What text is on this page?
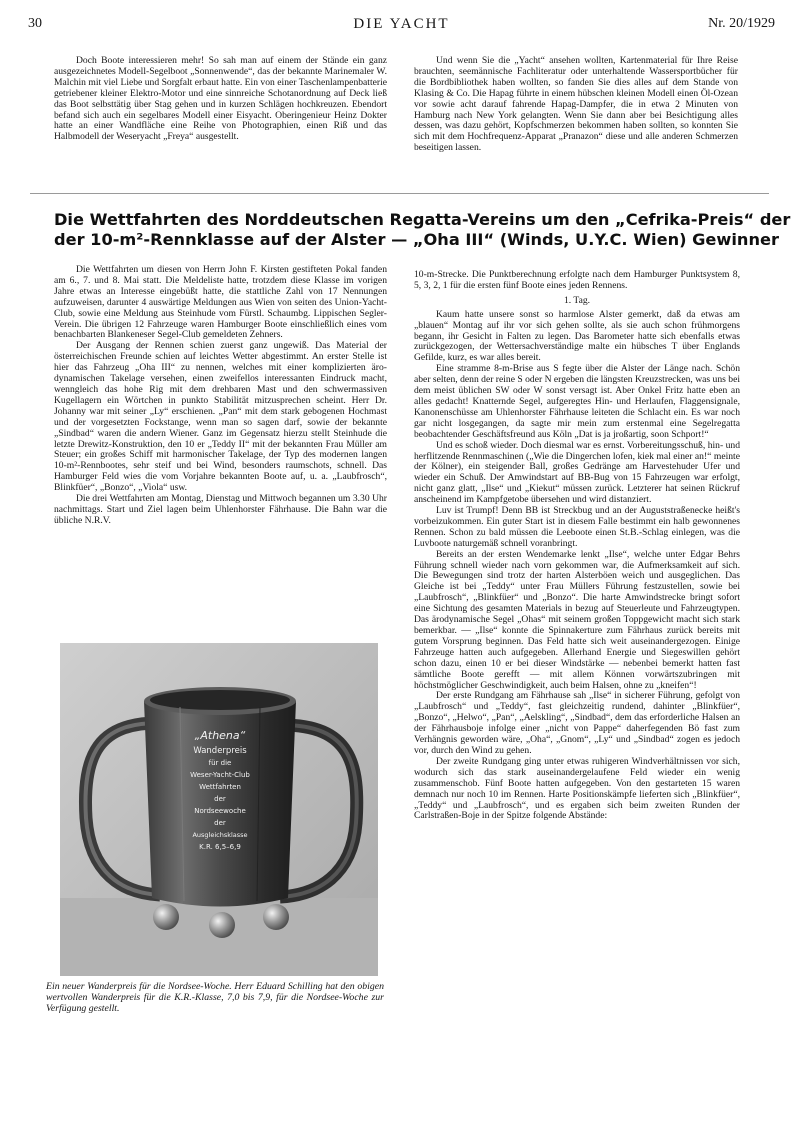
30	DIE YACHT	Nr. 20/1929

Doch Boote interessieren mehr! So sah man auf einem der Stände ein ganz ausgezeichnetes Modell-Segelboot „Sonnenwende“, das der bekannte Marinemaler W. Malchin mit viel Liebe und Sorgfalt erbaut hatte. Ein von einer Taschenlampenbatterie getriebener kleiner Elektro-Motor und eine sinnreiche Schotanordnung auf Deck ließ das Boot selbsttätig über Stag gehen und in kurzen Schlägen hochkreuzen. Ebendort befand sich auch ein segelbares Modell einer Eisyacht. Oberingenieur Heinz Dokter hatte an einer Wandfläche eine Reihe von Photographien, einen Riß und das Halbmodell der Weseryacht „Freya“ ausgestellt.

Und wenn Sie die „Yacht“ ansehen wollten, Kartenmaterial für Ihre Reise brauchten, seemännische Fachliteratur oder unterhaltende Wassersportbücher für die Bordbibliothek haben wollten, so fanden Sie dies alles auf dem Stande von Klasing & Co. Die Hapag führte in einem hübschen kleinen Modell einen Öl-Ozean vor sowie acht darauf fahrende Hapag-Dampfer, die in etwa 2 Minuten von Hamburg nach New York gelangten. Wenn Sie dann aber bei Besichtigung alles dessen, was dazu gehört, Kopfschmerzen bekommen haben sollten, so konnten Sie sich mit dem Hochfrequenz-Apparat „Pranazon“ diese und alle anderen Schmerzen beseitigen lassen.

Die Wettfahrten des Norddeutschen Regatta-Vereins um den „Cefrika-Preis“ der
der 10-m²-Rennklasse auf der Alster — „Oha III“ (Winds, U.Y.C. Wien) Gewinner

Die Wettfahrten um diesen von Herrn John F. Kirsten gestifteten Pokal fanden am 6., 7. und 8. Mai statt. Die Meldeliste hatte, trotzdem diese Klasse im vorigen Jahre etwas an Interesse eingebüßt hatte, die stattliche Zahl von 17 Nennungen aufzuweisen, darunter 4 auswärtige Meldungen aus Wien von seiten des Union-Yacht-Club, sowie eine Meldung aus Steinhude vom Fürstl. Schaumbg. Lippischen Segler-Verein. Die übrigen 12 Fahrzeuge waren Hamburger Boote einschließlich eines vom benachbarten Blankeneser Segel-Club gemeldeten Zehners.

Der Ausgang der Rennen schien zuerst ganz ungewiß. Das Material der österreichischen Freunde schien auf leichtes Wetter abgestimmt. An erster Stelle ist hier das Fahrzeug „Oha III“ zu nennen, welches mit einer komplizierten äro-dynamischen Takelage versehen, einen zweifellos interessanten Eindruck macht, wenngleich das hohe Rig mit dem drehbaren Mast und den schwermassiven Kugellagern ein Wörtchen in punkto Stabilität mitzusprechen scheint. Herr Dr. Johanny war mit seiner „Ly“ erschienen. „Pan“ mit dem stark gebogenen Hochmast und der vorgesetzten Fockstange, wenn man so sagen darf, sowie der bekannte „Sindbad“ waren die andern Wiener. Ganz im Gegensatz hierzu stellt Steinhude die letzte Drewitz-Konstruktion, den 10 er „Teddy II“ mit der bekannten Frau Müller am Steuer; ein großes Schiff mit harmonischer Takelage, der Typ des modernen langen 10-m²-Rennbootes, sehr steif und bei Wind, besonders raumschots, schnell. Das Hamburger Feld wies die vom Vorjahre bekannten Boote auf, u. a. „Laubfrosch“, Blinkfüer“, „Bonzo“, „Viola“ usw.

Die drei Wettfahrten am Montag, Dienstag und Mittwoch begannen um 3.30 Uhr nachmittags. Start und Ziel lagen beim Uhlenhorster Fährhause. Die Bahn war die übliche N.R.V.

„Athena“
Wanderpreis
für die
Weser-Yacht-Club
Wettfahrten
der
Nordseewoche
der
Ausgleichsklasse
K.R. 6,5–6,9
Ein neuer Wanderpreis für die Nordsee-Woche. Herr Eduard Schilling hat den obigen wertvollen Wanderpreis für die K.R.-Klasse, 7,0 bis 7,9, für die Nordsee-Woche zur Verfügung gestellt.

10-m-Strecke. Die Punktberechnung erfolgte nach dem Hamburger Punktsystem 8, 5, 3, 2, 1 für die ersten fünf Boote eines jeden Rennens.

1. Tag.

Kaum hatte unsere sonst so harmlose Alster gemerkt, daß da etwas am „blauen“ Montag auf ihr vor sich gehen sollte, als sie auch schon frühmorgens begann, ihr Gesicht in Falten zu legen. Das Barometer hatte sich ebenfalls etwas zurückgezogen, der Wettersachverständige malte ein hübsches T über Englands Gefilde, kurz, es war alles bereit.

Eine stramme 8-m-Brise aus S fegte über die Alster der Länge nach. Schön aber selten, denn der reine S oder N ergeben die längsten Kreuzstrecken, was uns bei dem meist üblichen SW oder W sonst versagt ist. Aber Onkel Fritz hatte eben an alles gedacht! Knatternde Segel, aufgeregtes Hin- und Herlaufen, Flaggensignale, Kanonenschüsse am Uhlenhorster Fährhause leiteten die Schlacht ein. Es war noch gar nicht losgegangen, da sagte mir mein zum erstenmal eine Segelregatta beobachtender Geschäftsfreund aus Köln „Dat is ja jroßartig, soon Schport!“

Und es schoß wieder. Doch diesmal war es ernst. Vorbereitungsschuß, hin- und herflitzende Rennmaschinen („Wie die Dingerchen lofen, kiek mal einer an!“ meinte der Kölner), ein steigender Ball, großes Gedränge am Harvestehuder Ufer und wieder ein Schuß. Der Amwindstart auf BB-Bug von 15 Fahrzeugen war erfolgt, nicht ganz glatt, „Ilse“ und „Kiekut“ müssen zurück. Letzterer hat seinen Rückruf anscheinend im Kampfgetobe übersehen und wird distanziert.

Luv ist Trumpf! Denn BB ist Streckbug und an der Auguststraßenecke heißt's vorbeizukommen. Ein guter Start ist in diesem Falle bestimmt ein halb gewonnenes Rennen. Schon zu bald müssen die Leeboote einen St.B.-Schlag einlegen, was die Luvboote naturgemäß schnell voranbringt.

Bereits an der ersten Wendemarke lenkt „Ilse“, welche unter Edgar Behrs Führung schnell wieder nach vorn gekommen war, die Aufmerksamkeit auf sich. Die Bewegungen sind trotz der harten Alsterböen weich und ausgeglichen. Das Gleiche ist bei „Teddy“ unter Frau Müllers Führung festzustellen, sowie bei „Laubfrosch“, „Blinkfüer“ und „Bonzo“. Die harte Amwindstrecke bringt sofort eine Sichtung des gesamten Materials in bezug auf Steuerleute und Fahrzeugtypen. Das ärodynamische Segel „Ohas“ mit seinem großen Toppgewicht macht sich stark bemerkbar. — „Ilse“ konnte die Spinnakerture zum Fährhaus zurück bereits mit gutem Vorsprung beginnen. Das Feld hatte sich weit auseinandergezogen. Einige Fahrzeuge hatten auch aufgegeben. Allerhand Energie und Siegeswillen gehört schon dazu, einen 10 er bei dieser Windstärke — nebenbei bemerkt hatten fast sämtliche Boote gerefft — mit allem Können vorwärtszubringen mit höchstmöglicher Geschwindigkeit, auch beim Halsen, ohne zu „kneifen“!

Der erste Rundgang am Fährhause sah „Ilse“ in sicherer Führung, gefolgt von „Laubfrosch“ und „Teddy“, fast gleichzeitig rundend, dahinter „Blinkfüer“, „Bonzo“, „Helwo“, „Pan“, „Aelskling“, „Sindbad“, dem das erforderliche Halsen an der Fährhausboje infolge einer „nicht von Pappe“ daherfegenden Bö fast zum Verhängnis geworden wäre, „Oha“, „Gnom“, „Ly“ und „Sindbad“ zogen es jedoch vor, durch den Wind zu gehen.

Der zweite Rundgang ging unter etwas ruhigeren Windverhältnissen vor sich, wodurch sich das stark auseinandergelaufene Feld wieder ein wenig zusammenschob. Fünf Boote hatten aufgegeben. Von den gestarteten 15 waren demnach nur noch 10 im Rennen. Harte Positionskämpfe lieferten sich „Blinkfüer“, „Teddy“ und „Laubfrosch“, und es ergaben sich beim zweiten Runden der Carlstraßen-Boje in der Spitze folgende Abstände:
